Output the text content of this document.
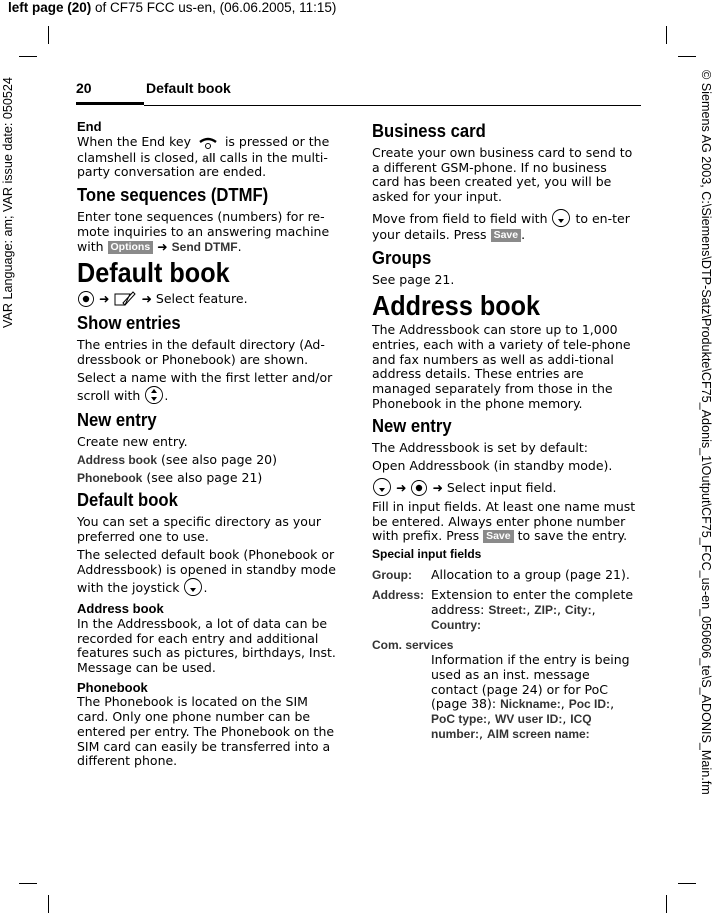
left page (20) of CF75 FCC us-en, (06.06.2005, 11:15)
VAR Language: am; VAR issue date: 050524	© Siemens AG 2003, C:\Siemens\DTP-Satz\Produkte\CF75_Adonis_1\Output\CF75_FCC_us-en_050606_te\S_ADONIS_Main.fm
20	Default book
End

When the End key	is pressed or the clamshell is closed, all calls in the multi-party conversation are ended.

Tone sequences (DTMF)

Enter tone sequences (numbers) for re-mote inquiries to an answering machine with Options ➜ Send DTMF.

Default book

➜	➜ Select feature.

Show entries

The entries in the default directory (Ad-dressbook or Phonebook) are shown.

Select a name with the first letter and/or scroll with .

New entry

Create new entry.

Address book (see also page 20)

Phonebook (see also page 21)

Default book

You can set a specific directory as your preferred one to use.

The selected default book (Phonebook or Addressbook) is opened in standby mode with the joystick .

Address book

In the Addressbook, a lot of data can be recorded for each entry and additional features such as pictures, birthdays, Inst. Message can be used.

Phonebook

The Phonebook is located on the SIM card. Only one phone number can be entered per entry. The Phonebook on the SIM card can easily be transferred into a different phone.

Business card

Create your own business card to send to a different GSM-phone. If no business card has been created yet, you will be asked for your input.

Move from field to field with to en-ter your details. Press Save .

Groups

See page 21.

Address book

The Addressbook can store up to 1,000 entries, each with a variety of tele-phone and fax numbers as well as addi-tional address details. These entries are managed separately from those in the Phonebook in the phone memory.

New entry

The Addressbook is set by default:

Open Addressbook (in standby mode).

➜ ➜ Select input field.

Fill in input fields. At least one name must be entered. Always enter phone number with prefix. Press Save to save the entry.

Special input fields
Group:	Allocation to a group (page 21).
Address: Extension to enter the complete address: Street:, ZIP:, City:, Country:
Com. services
Information if the entry is being used as an inst. message contact (page 24) or for PoC (page 38): Nickname:, Poc ID:, PoC type:, WV user ID:, ICQ number:, AIM screen name:
